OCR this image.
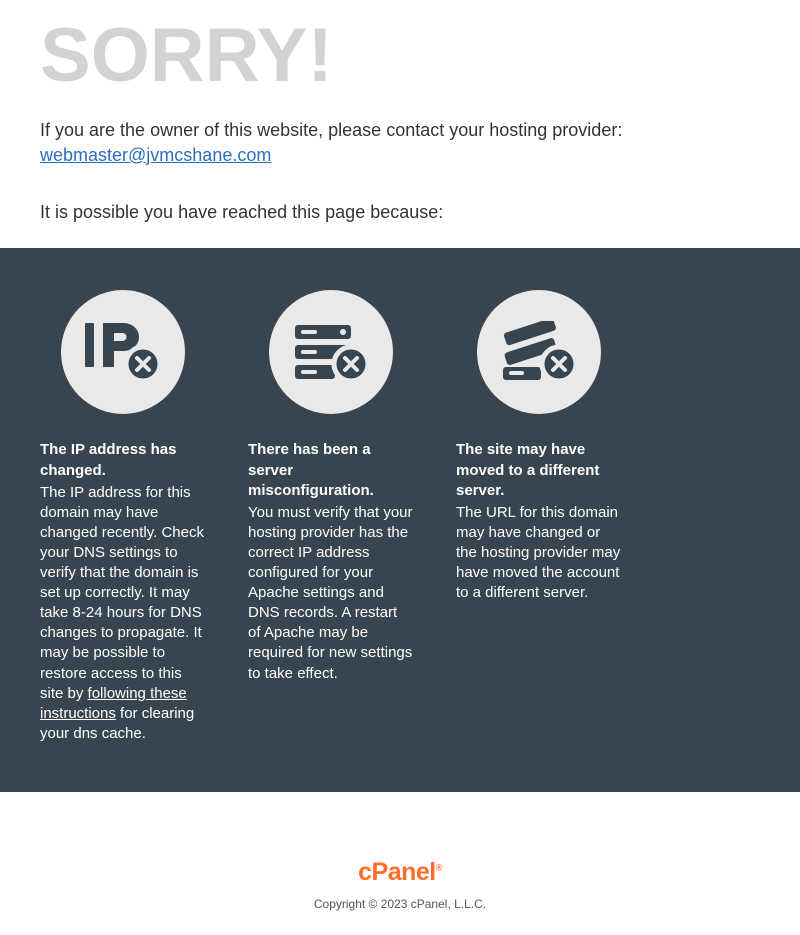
SORRY!

If you are the owner of this website, please contact your hosting provider:
webmaster@jvmcshane.com

It is possible you have reached this page because:

The IP address has changed.

The IP address for this domain may have changed recently. Check your DNS settings to verify that the domain is set up correctly. It may take 8-24 hours for DNS changes to propagate. It may be possible to restore access to this site by following these instructions for clearing your dns cache.

There has been a server misconfiguration.

You must verify that your hosting provider has the correct IP address configured for your Apache settings and DNS records. A restart of Apache may be required for new settings to take effect.

The site may have moved to a different server.

The URL for this domain may have changed or the hosting provider may have moved the account to a different server.

cPanel®
Copyright © 2023 cPanel, L.L.C.
